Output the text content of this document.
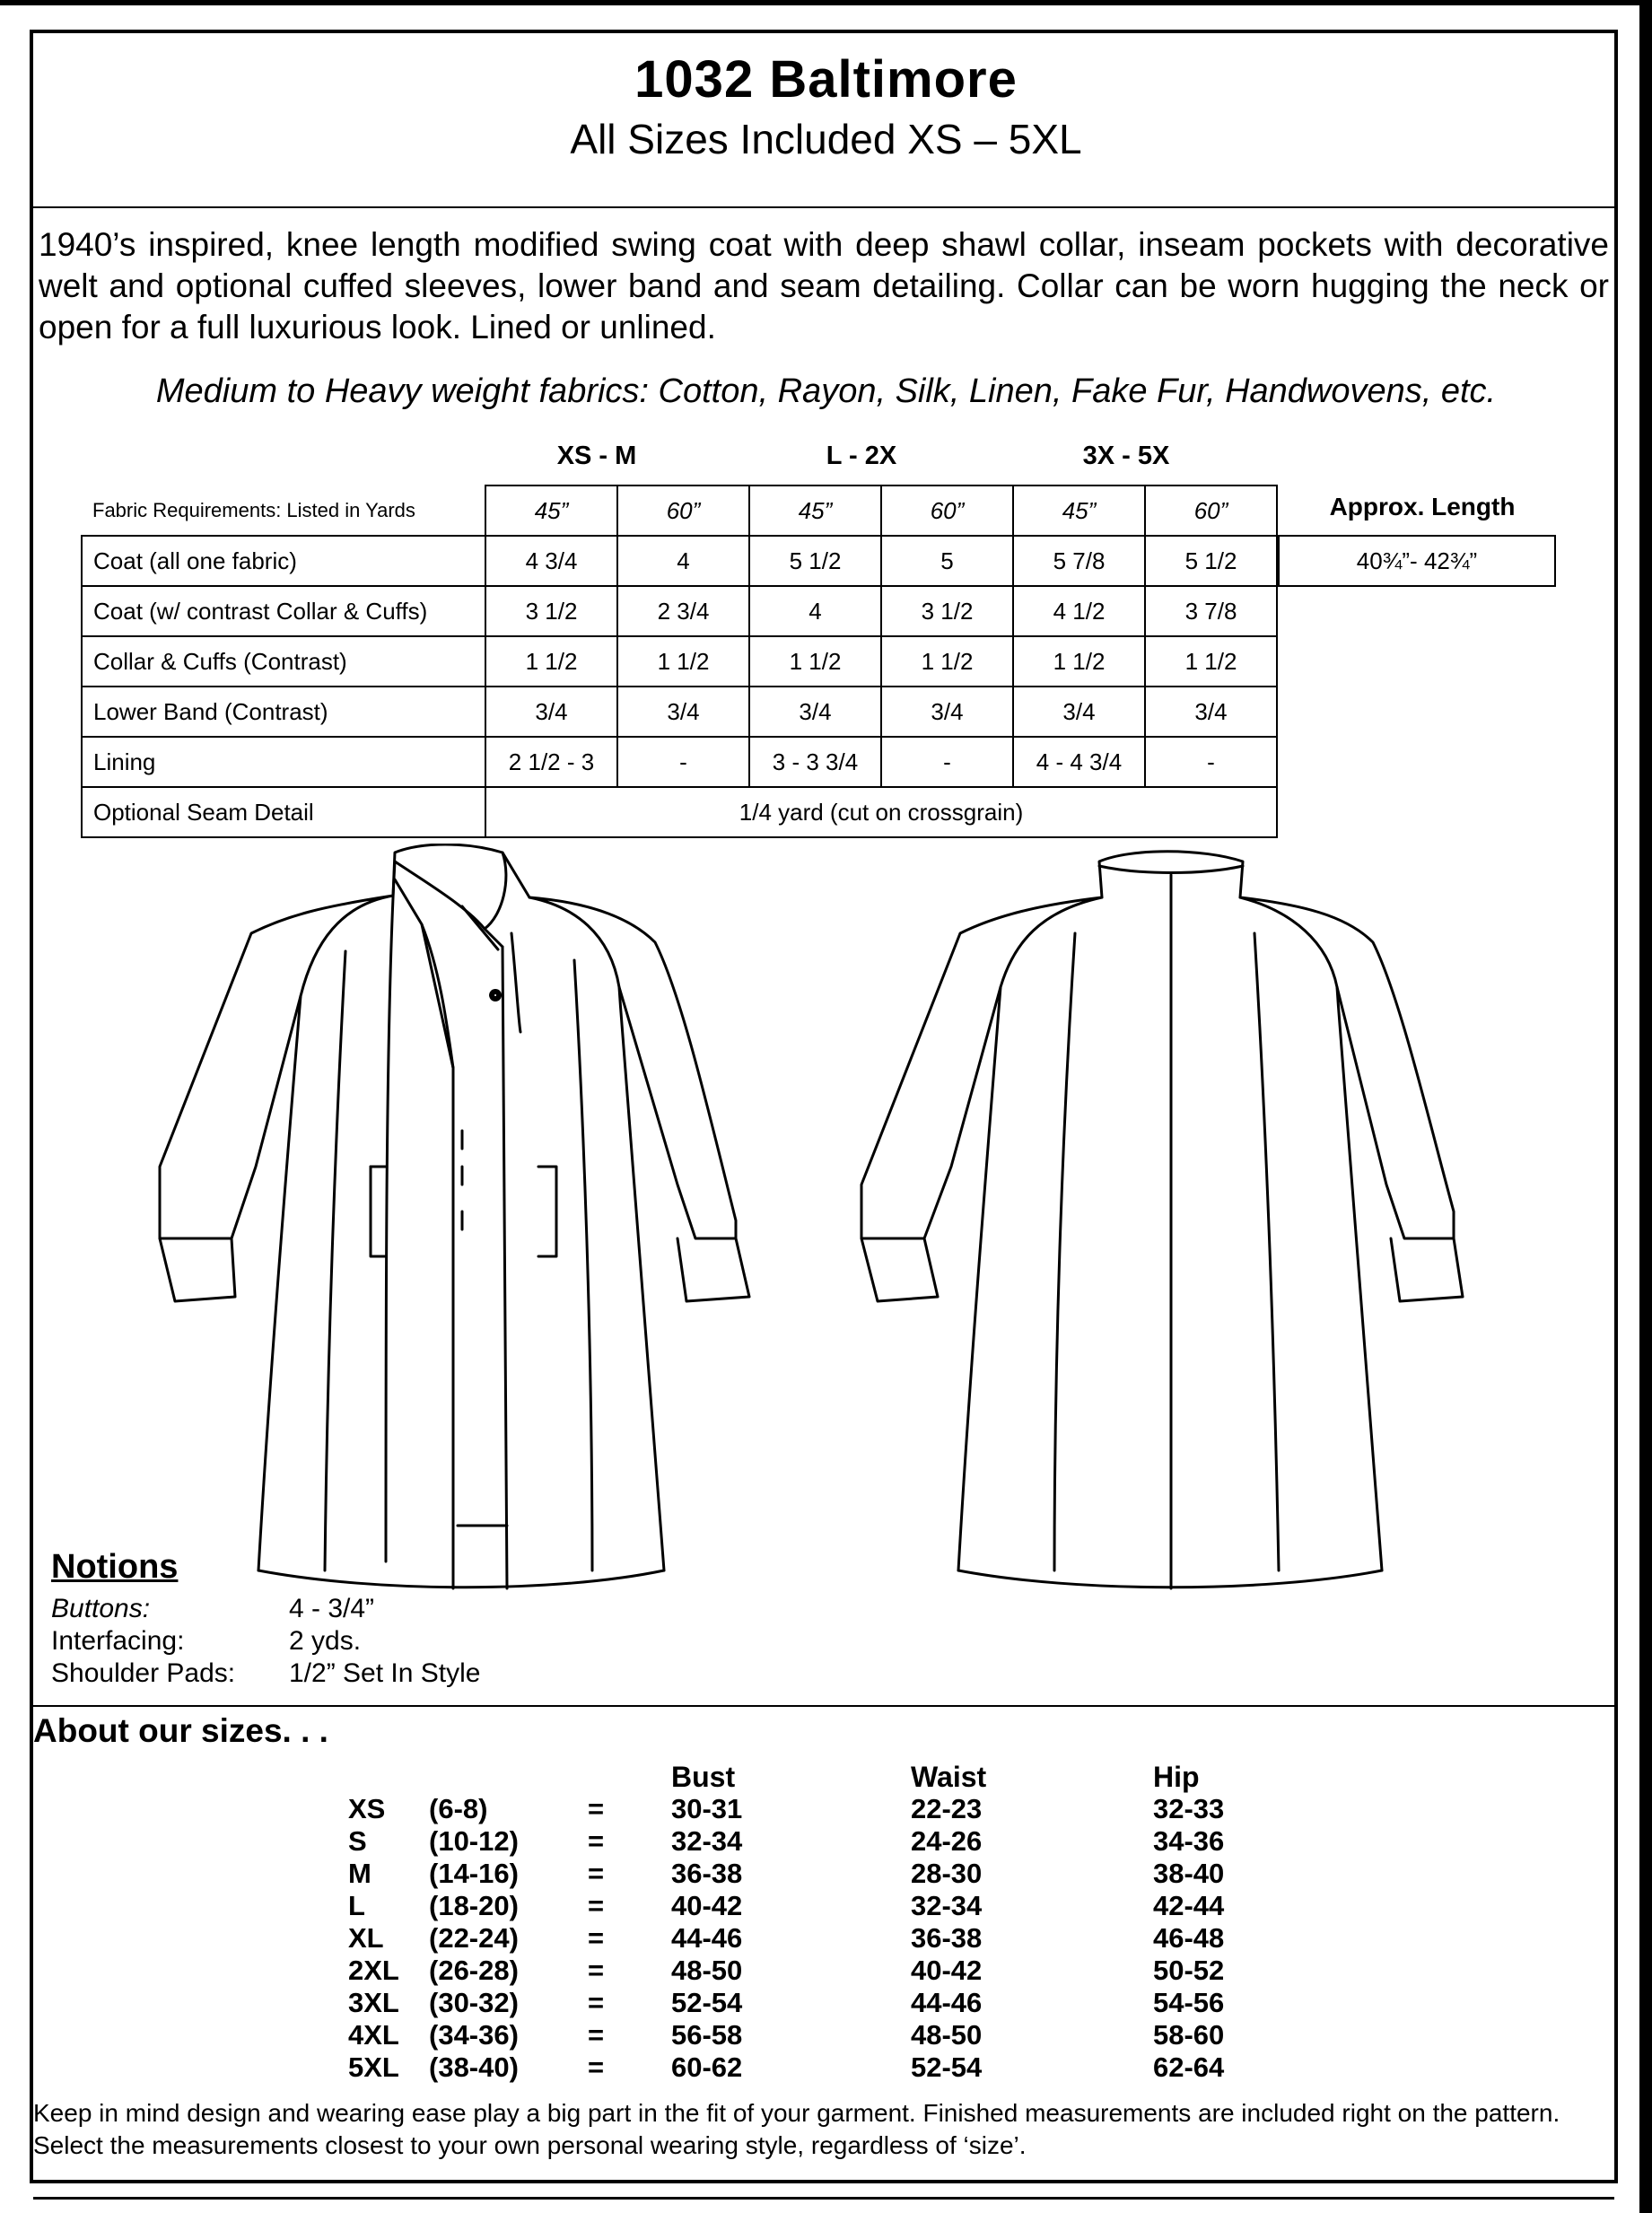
1032 Baltimore
All Sizes Included XS – 5XL

1940’s inspired, knee length modified swing coat with deep shawl collar, inseam pockets with decorative welt and optional cuffed sleeves, lower band and seam detailing. Collar can be worn hugging the neck or open for a full luxurious look. Lined or unlined.

Medium to Heavy weight fabrics: Cotton, Rayon, Silk, Linen, Fake Fur, Handwovens, etc.
XS - M	L - 2X	3X - 5X
Fabric Requirements: Listed in Yards	45”	60”	45”	60”	45”	60”
Coat (all one fabric)	4 3/4	4	5 1/2	5	5 7/8	5 1/2
Coat (w/ contrast Collar & Cuffs)	3 1/2	2 3/4	4	3 1/2	4 1/2	3 7/8
Collar & Cuffs (Contrast)	1 1/2	1 1/2	1 1/2	1 1/2	1 1/2	1 1/2
Lower Band (Contrast)	3/4	3/4	3/4	3/4	3/4	3/4
Lining	2 1/2 - 3	-	3 - 3 3/4	-	4 - 4 3/4	-
Optional Seam Detail	1/4 yard (cut on crossgrain)					
Approx. Length
40¾”- 42¾”
Notions
Buttons:	4 - 3/4”
Interfacing:	2 yds.
Shoulder Pads: 1/2” Set In Style
About our sizes. . .
Bust	Waist	Hip
XS (6-8)	= 30-31	22-23	32-33
S (10-12) = 32-34	24-26	34-36
M (14-16) = 36-38	28-30	38-40
L (18-20) = 40-42	32-34	42-44
XL (22-24) = 44-46	36-38	46-48
2XL (26-28) = 48-50	40-42	50-52
3XL (30-32) = 52-54	44-46	54-56
4XL (34-36) = 56-58	48-50	58-60
5XL (38-40) = 60-62	52-54	62-64

Keep in mind design and wearing ease play a big part in the fit of your garment. Finished measurements are included right on the pattern. Select the measurements closest to your own personal wearing style, regardless of ‘size’.
